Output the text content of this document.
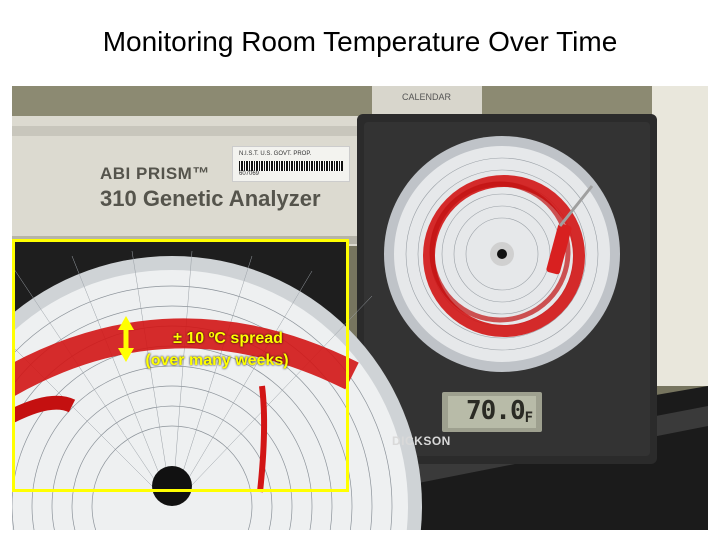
Monitoring Room Temperature Over Time
ABI PRISM™
310 Genetic Analyzer
N.I.S.T. U.S. GOVT. PROP.
607069
CALENDAR
70.0F
DICKSON
± 10 ºC spread
(over many weeks)
